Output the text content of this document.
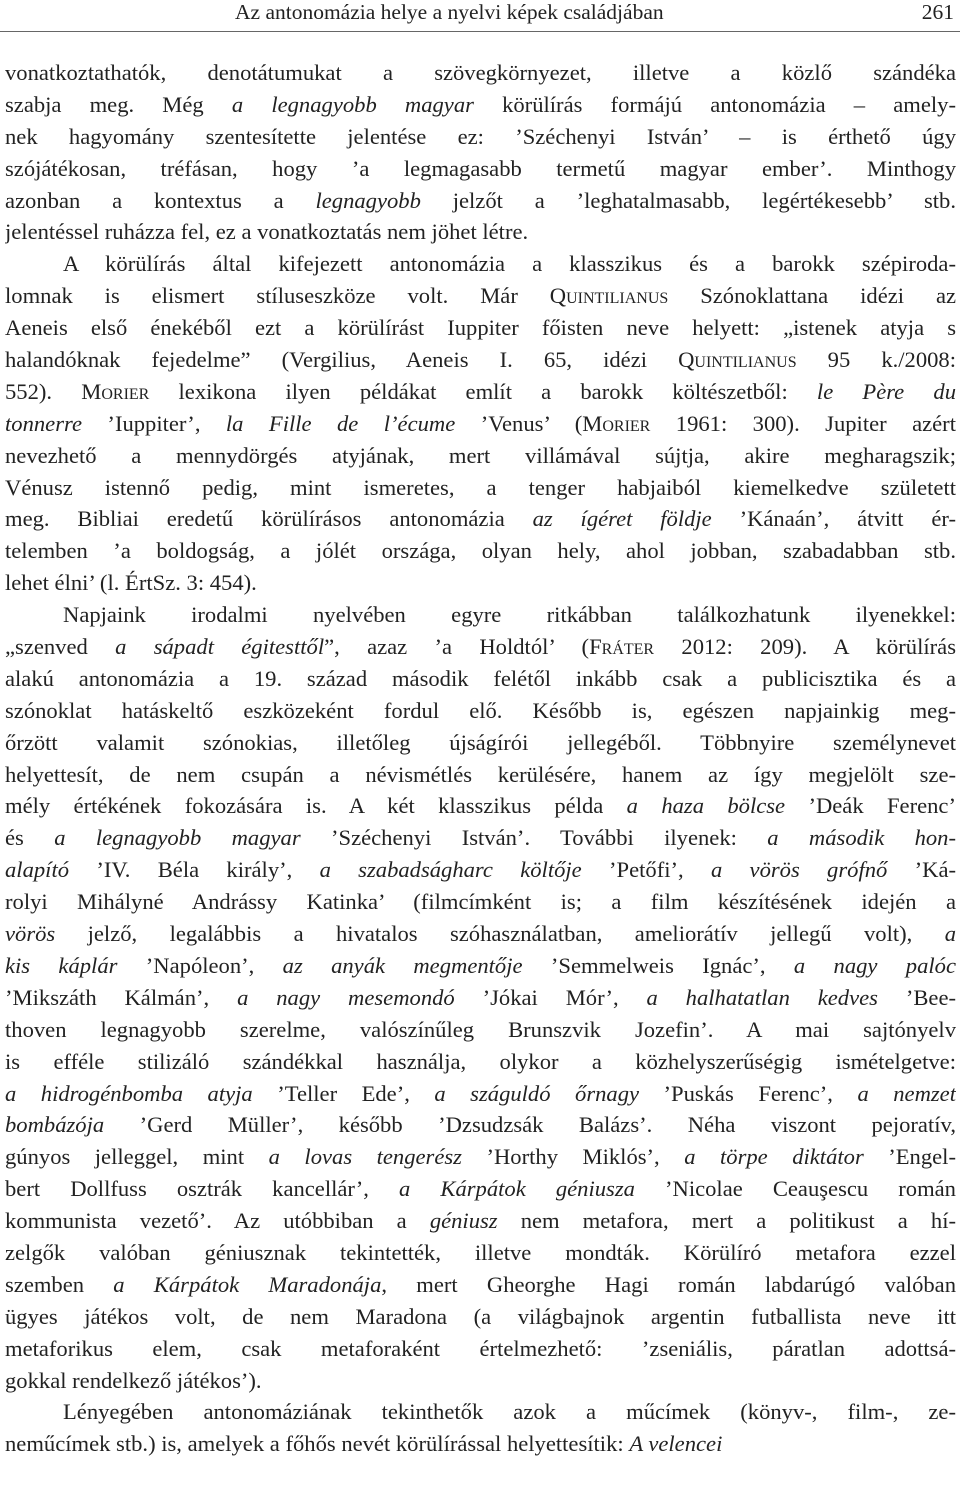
Az antonomázia helye a nyelvi képek családjában	261
vonatkoztathatók, denotátumukat a szövegkörnyezet, illetve a közlő szándéka
szabja meg. Még a legnagyobb magyar körülírás formájú antonomázia – amely-
nek hagyomány szentesítette jelentése ez: ’Széchenyi István’ – is érthető úgy
szójátékosan, tréfásan, hogy ’a legmagasabb termetű magyar ember’. Minthogy
azonban a kontextus a legnagyobb jelzőt a ’leghatalmasabb, legértékesebb’ stb.
jelentéssel ruházza fel, ez a vonatkoztatás nem jöhet létre.
A körülírás által kifejezett antonomázia a klasszikus és a barokk szépiroda-
lomnak is elismert stíluseszköze volt. Már Quintilianus Szónoklattana idézi az
Aeneis első énekéből ezt a körülírást Iuppiter főisten neve helyett: „istenek atyja s
halandóknak fejedelme” (Vergilius, Aeneis I. 65, idézi Quintilianus 95 k./2008:
552). Morier lexikona ilyen példákat említ a barokk költészetből: le Père du
tonnerre ’Iuppiter’, la Fille de l’écume ’Venus’ (Morier 1961: 300). Jupiter azért
nevezhető a mennydörgés atyjának, mert villámával sújtja, akire megharagszik;
Vénusz istennő pedig, mint ismeretes, a tenger habjaiból kiemelkedve született
meg. Bibliai eredetű körülírásos antonomázia az ígéret földje ’Kánaán’, átvitt ér-
telemben ’a boldogság, a jólét országa, olyan hely, ahol jobban, szabadabban stb.
lehet élni’ (l. ÉrtSz. 3: 454).
Napjaink irodalmi nyelvében egyre ritkábban találkozhatunk ilyenekkel:
„szenved a sápadt égitesttől”, azaz ’a Holdtól’ (Fráter 2012: 209). A körülírás
alakú antonomázia a 19. század második felétől inkább csak a publicisztika és a
szónoklat hatáskeltő eszközeként fordul elő. Később is, egészen napjainkig meg-
őrzött valamit szónokias, illetőleg újságírói jellegéből. Többnyire személynevet
helyettesít, de nem csupán a névismétlés kerülésére, hanem az így megjelölt sze-
mély értékének fokozására is. A két klasszikus példa a haza bölcse ’Deák Ferenc’
és a legnagyobb magyar ’Széchenyi István’. További ilyenek: a második hon-
alapító ’IV. Béla király’, a szabadságharc költője ’Petőfi’, a vörös grófnő ’Ká-
rolyi Mihályné Andrássy Katinka’ (filmcímként is; a film készítésének idején a
vörös jelző, legalábbis a hivatalos szóhasználatban, ameliorátív jellegű volt), a
kis káplár ’Napóleon’, az anyák megmentője ’Semmelweis Ignác’, a nagy palóc
’Mikszáth Kálmán’, a nagy mesemondó ’Jókai Mór’, a halhatatlan kedves ’Bee-
thoven legnagyobb szerelme, valószínűleg Brunszvik Jozefin’. A mai sajtónyelv
is efféle stilizáló szándékkal használja, olykor a közhelyszerűségig ismételgetve:
a hidrogénbomba atyja ’Teller Ede’, a száguldó őrnagy ’Puskás Ferenc’, a nemzet
bombázója ’Gerd Müller’, később ’Dzsudzsák Balázs’. Néha viszont pejoratív,
gúnyos jelleggel, mint a lovas tengerész ’Horthy Miklós’, a törpe diktátor ’Engel-
bert Dollfuss osztrák kancellár’, a Kárpátok géniusza ’Nicolae Ceauşescu román
kommunista vezető’. Az utóbbiban a géniusz nem metafora, mert a politikust a hí-
zelgők valóban géniusznak tekintették, illetve mondták. Körülíró metafora ezzel
szemben a Kárpátok Maradonája, mert Gheorghe Hagi román labdarúgó valóban
ügyes játékos volt, de nem Maradona (a világbajnok argentin futballista neve itt
metaforikus elem, csak metaforaként értelmezhető: ’zseniális, páratlan adottsá-
gokkal rendelkező játékos’).
Lényegében antonomáziának tekinthetők azok a műcímek (könyv-, film-, ze-
neműcímek stb.) is, amelyek a főhős nevét körülírással helyettesítik: A velencei
